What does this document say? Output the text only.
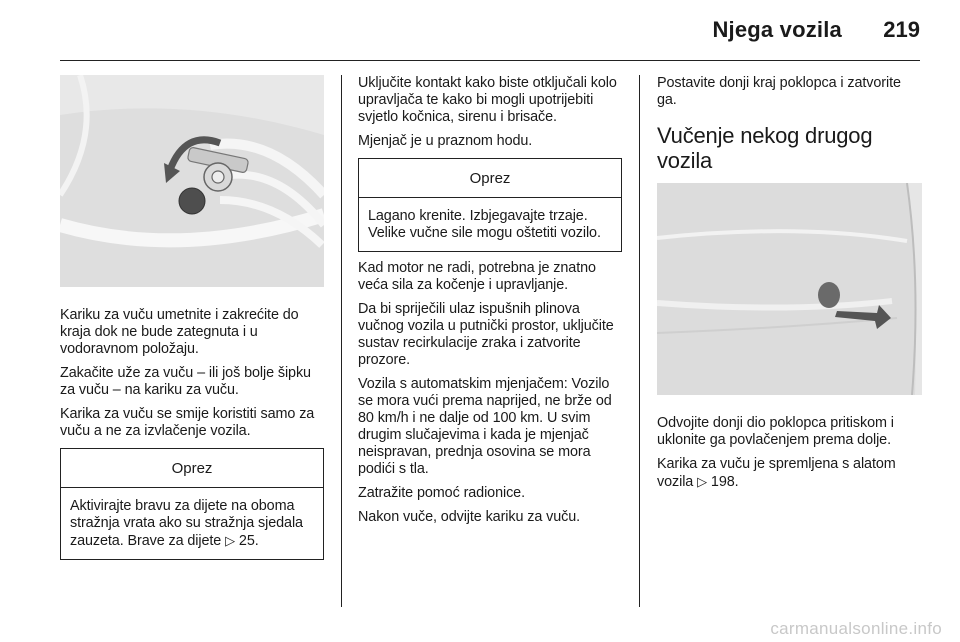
Njega vozila 219

Kariku za vuču umetnite i zakrećite do kraja dok ne bude zategnuta i u vodoravnom položaju.

Zakačite uže za vuču – ili još bolje šipku za vuču – na kariku za vuču.

Karika za vuču se smije koristiti samo za vuču a ne za izvlačenje vozila.

Oprez

Aktivirajte bravu za dijete na oboma stražnja vrata ako su stražnja sjedala zauzeta. Brave za dijete ▷ 25.

Uključite kontakt kako biste otključali kolo upravljača te kako bi mogli upotrijebiti svjetlo kočnica, sirenu i brisače.

Mjenjač je u praznom hodu.

Oprez

Lagano krenite. Izbjegavajte trzaje. Velike vučne sile mogu oštetiti vozilo.

Kad motor ne radi, potrebna je znatno veća sila za kočenje i upravljanje.

Da bi spriječili ulaz ispušnih plinova vučnog vozila u putnički prostor, uključite sustav recirkulacije zraka i zatvorite prozore.

Vozila s automatskim mjenjačem: Vozilo se mora vući prema naprijed, ne brže od 80 km/h i ne dalje od 100 km. U svim drugim slučajevima i kada je mjenjač neispravan, prednja osovina se mora podići s tla.

Zatražite pomoć radionice.

Nakon vuče, odvijte kariku za vuču.

Postavite donji kraj poklopca i zatvorite ga.

Vučenje nekog drugog vozila

Odvojite donji dio poklopca pritiskom i uklonite ga povlačenjem prema dolje.

Karika za vuču je spremljena s alatom vozila ▷ 198.

carmanualsonline.info
